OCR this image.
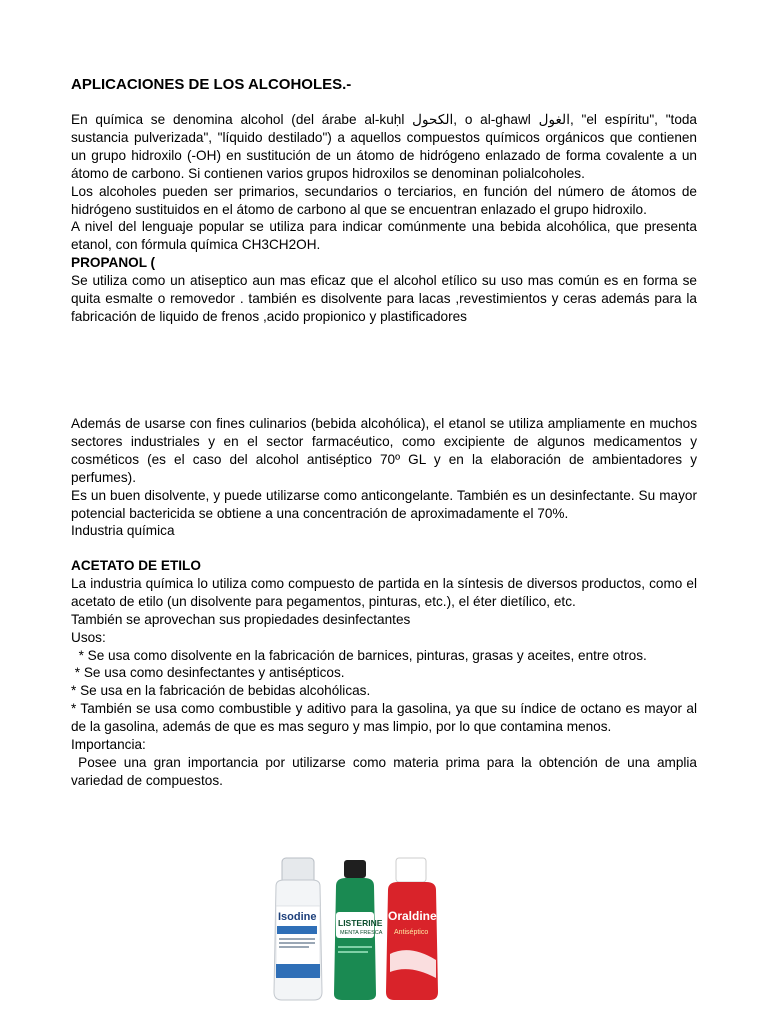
APLICACIONES DE LOS ALCOHOLES.-

En química se denomina alcohol (del árabe al-kuḥl الكحول, o al-ghawl الغول, "el espíritu", "toda sustancia pulverizada", "líquido destilado") a aquellos compuestos químicos orgánicos que contienen un grupo hidroxilo (-OH) en sustitución de un átomo de hidrógeno enlazado de forma covalente a un átomo de carbono. Si contienen varios grupos hidroxilos se denominan polialcoholes.

Los alcoholes pueden ser primarios, secundarios o terciarios, en función del número de átomos de hidrógeno sustituidos en el átomo de carbono al que se encuentran enlazado el grupo hidroxilo.

A nivel del lenguaje popular se utiliza para indicar comúnmente una bebida alcohólica, que presenta etanol, con fórmula química CH3CH2OH.

PROPANOL (

Se utiliza como un atiseptico aun mas eficaz que el alcohol etílico su uso mas común es en forma se quita esmalte o removedor . también es disolvente para lacas ,revestimientos y ceras además para la fabricación de liquido de frenos ,acido propionico y plastificadores

Además de usarse con fines culinarios (bebida alcohólica), el etanol se utiliza ampliamente en muchos sectores industriales y en el sector farmacéutico, como excipiente de algunos medicamentos y cosméticos (es el caso del alcohol antiséptico 70º GL y en la elaboración de ambientadores y perfumes).

Es un buen disolvente, y puede utilizarse como anticongelante. También es un desinfectante. Su mayor potencial bactericida se obtiene a una concentración de aproximadamente el 70%.

Industria química

ACETATO DE ETILO

La industria química lo utiliza como compuesto de partida en la síntesis de diversos productos, como el acetato de etilo (un disolvente para pegamentos, pinturas, etc.), el éter dietílico, etc.

También se aprovechan sus propiedades desinfectantes

Usos:

* Se usa como disolvente en la fabricación de barnices, pinturas, grasas y aceites, entre otros.

* Se usa como desinfectantes y antisépticos.

* Se usa en la fabricación de bebidas alcohólicas.

* También se usa como combustible y aditivo para la gasolina, ya que su índice de octano es mayor al de la gasolina, además de que es mas seguro y mas limpio, por lo que contamina menos.

Importancia:

Posee una gran importancia por utilizarse como materia prima para la obtención de una amplia variedad de compuestos.

Isodine	LISTERINE
MENTA FRESCA
Oraldine
Antiséptico
